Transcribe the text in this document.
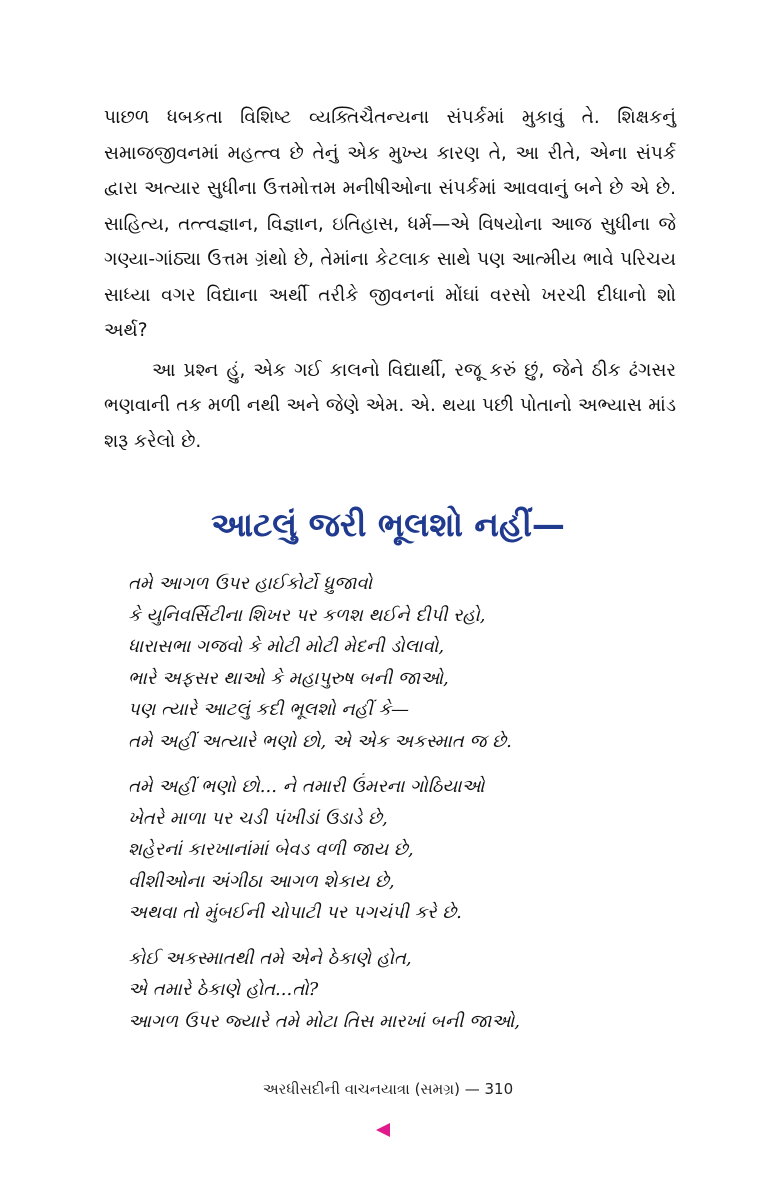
પાછળ ધબકતા વિશિષ્ટ વ્યક્તિચૈતન્યના સંપર્કમાં મુકાવું તે. શિક્ષકનું સમાજજીવનમાં મહત્ત્વ છે તેનું એક મુખ્ય કારણ તે, આ રીતે, એના સંપર્ક દ્વારા અત્યાર સુધીના ઉત્તમોત્તમ મનીષીઓના સંપર્કમાં આવવાનું બને છે એ છે. સાહિત્ય, તત્ત્વજ્ઞાન, વિજ્ઞાન, ઇતિહાસ, ધર્મ—એ વિષયોના આજ સુધીના જે ગણ્યા-ગાંઠ્યા ઉત્તમ ગ્રંથો છે, તેમાંના કેટલાક સાથે પણ આત્મીય ભાવે પરિચય સાધ્યા વગર વિદ્યાના અર્થી તરીકે જીવનનાં મોંઘાં વરસો ખરચી દીધાનો શો અર્થ?

આ પ્રશ્ન હું, એક ગઈ કાલનો વિદ્યાર્થી, રજૂ કરું છું, જેને ઠીક ઢંગસર ભણવાની તક મળી નથી અને જેણે એમ. એ. થયા પછી પોતાનો અભ્યાસ માંડ શરૂ કરેલો છે.

આટલું જરી ભૂલશો નહીં—
તમે આગળ ઉપર હાઈકોર્ટો ધ્રુજાવો
કે યુનિવર્સિટીના શિખર પર કળશ થઈને દીપી રહો,
ધારાસભા ગજવો કે મોટી મોટી મેદની ડોલાવો,
ભારે અફસર થાઓ કે મહાપુરુષ બની જાઓ,
પણ ત્યારે આટલું કદી ભૂલશો નહીં કે—
તમે અહીં અત્યારે ભણો છો, એ એક અકસ્માત જ છે.
તમે અહીં ભણો છો... ને તમારી ઉંમરના ગોઠિયાઓ
ખેતરે માળા પર ચડી પંખીડાં ઉડાડે છે,
શહેરનાં કારખાનાંમાં બેવડ વળી જાય છે,
વીશીઓના અંગીઠા આગળ શેકાય છે,
અથવા તો મુંબઈની ચોપાટી પર પગચંપી કરે છે.
કોઈ અકસ્માતથી તમે એને ઠેકાણે હોત,
એ તમારે ઠેકાણે હોત...તો?
આગળ ઉપર જ્યારે તમે મોટા તિસ મારખાં બની જાઓ,
અરધીસદીની વાચનયાત્રા (સમગ્ર) — 310
